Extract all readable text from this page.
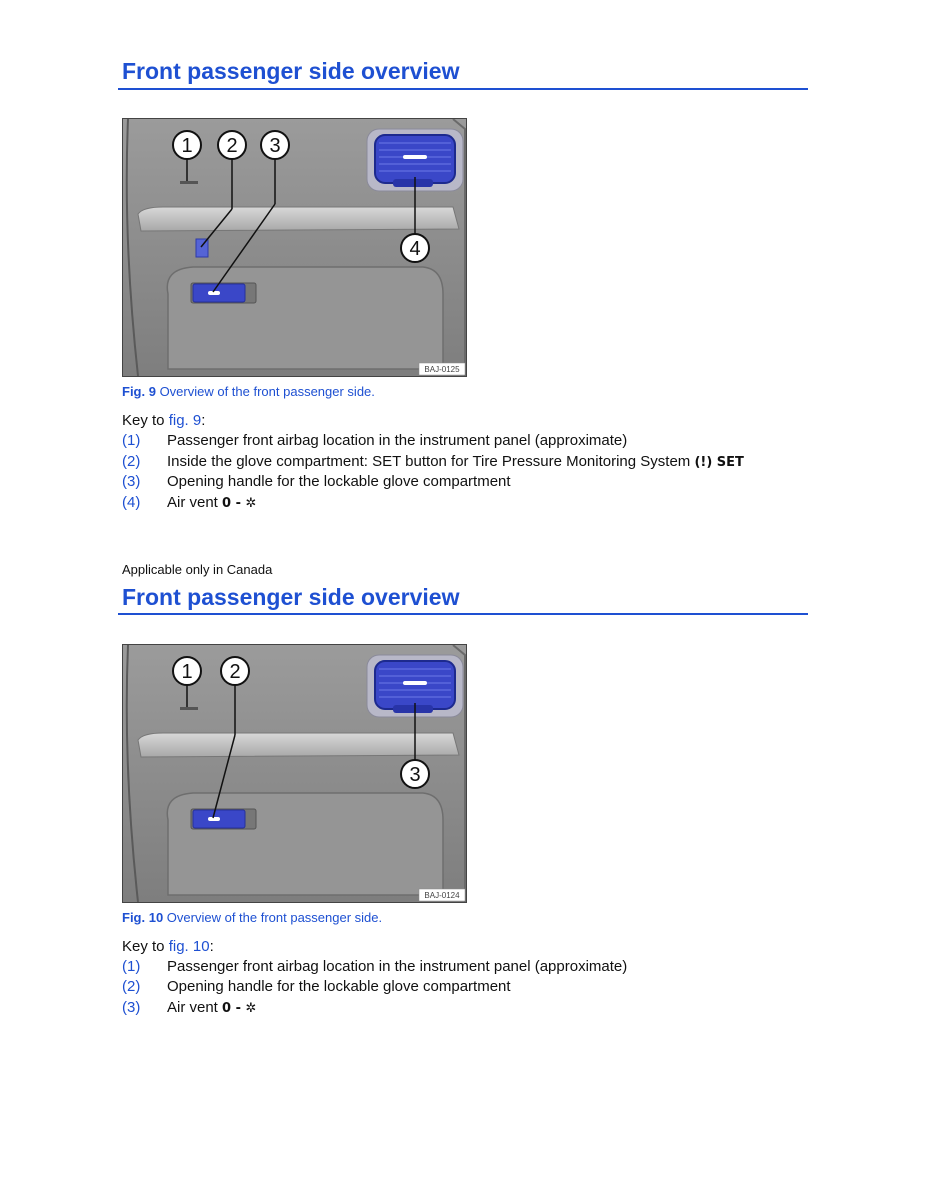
Front passenger side overview
1 2 3
4
BAJ-0125
Fig. 9 Overview of the front passenger side.
Key to fig. 9:
(1) Passenger front airbag location in the instrument panel (approximate)
(2) Inside the glove compartment: SET button for Tire Pressure Monitoring System (!) SET
(3) Opening handle for the lockable glove compartment
(4) Air vent 0 - ✲
Applicable only in Canada
Front passenger side overview
1 2
3
BAJ-0124
Fig. 10 Overview of the front passenger side.
Key to fig. 10:
(1) Passenger front airbag location in the instrument panel (approximate)
(2) Opening handle for the lockable glove compartment
(3) Air vent 0 - ✲
